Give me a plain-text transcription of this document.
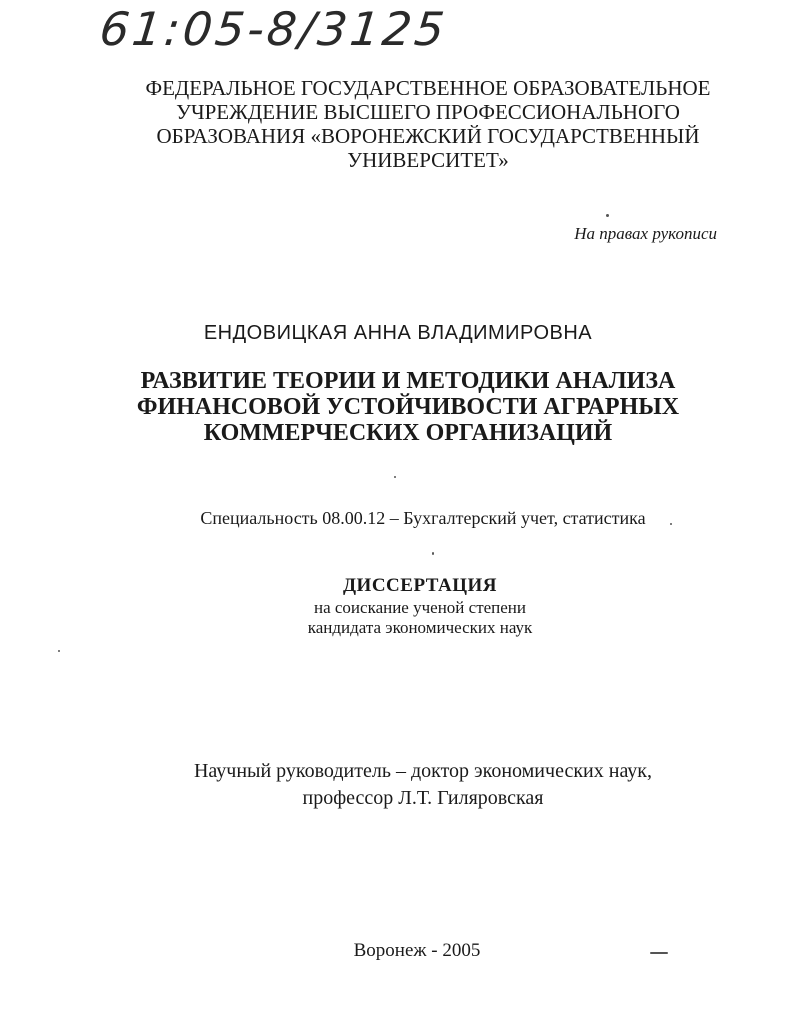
61:05-8/3125
ФЕДЕРАЛЬНОЕ ГОСУДАРСТВЕННОЕ ОБРАЗОВАТЕЛЬНОЕ
УЧРЕЖДЕНИЕ ВЫСШЕГО ПРОФЕССИОНАЛЬНОГО
ОБРАЗОВАНИЯ «ВОРОНЕЖСКИЙ ГОСУДАРСТВЕННЫЙ
УНИВЕРСИТЕТ»
На правах рукописи
ЕНДОВИЦКАЯ АННА ВЛАДИМИРОВНА
РАЗВИТИЕ ТЕОРИИ И МЕТОДИКИ АНАЛИЗА
ФИНАНСОВОЙ УСТОЙЧИВОСТИ АГРАРНЫХ
КОММЕРЧЕСКИХ ОРГАНИЗАЦИЙ
Специальность 08.00.12 – Бухгалтерский учет, статистика
ДИССЕРТАЦИЯ
на соискание ученой степени
кандидата экономических наук
Научный руководитель – доктор экономических наук,
профессор Л.Т. Гиляровская
Воронеж - 2005
